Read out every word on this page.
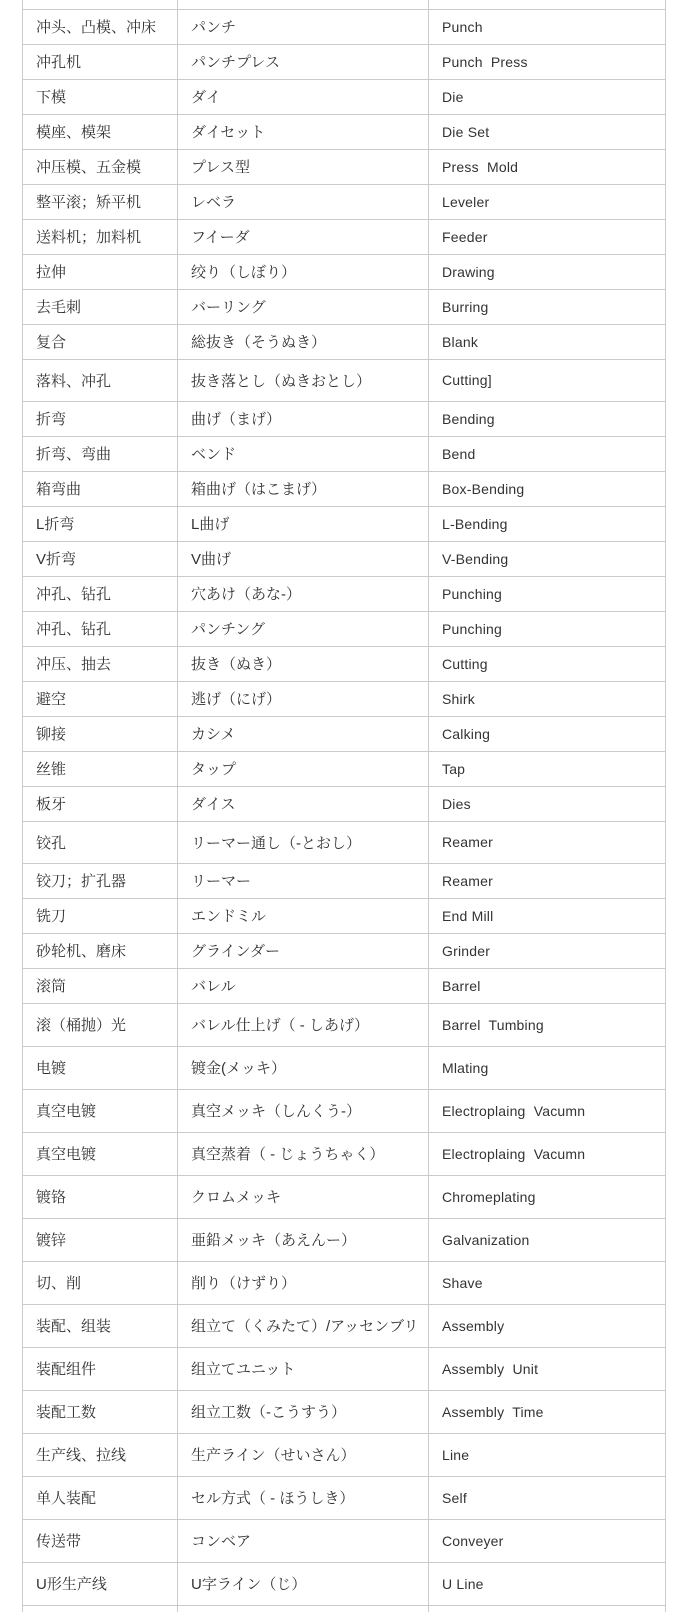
冲头、凸模、冲床	パンチ	Punch
冲孔机	パンチプレス	Punch  Press
下模	ダイ	Die
模座、模架	ダイセット	Die Set
冲压模、五金模	プレス型	Press  Mold
整平滚；矫平机	レベラ	Leveler
送料机；加料机	フイーダ	Feeder
拉伸	绞り（しぼり）	Drawing
去毛刺	バーリング	Burring
复合	総抜き（そうぬき）	Blank
落料、冲孔	抜き落とし（ぬきおとし）	Cutting]
折弯	曲げ（まげ）	Bending
折弯、弯曲	ベンド	Bend
箱弯曲	箱曲げ（はこまげ）	Box-Bending
L折弯	L曲げ	L-Bending
V折弯	V曲げ	V-Bending
冲孔、钻孔	穴あけ（あな-）	Punching
冲孔、钻孔	パンチング	Punching
冲压、抽去	抜き（ぬき）	Cutting
避空	逃げ（にげ）	Shirk
铆接	カシメ	Calking
丝锥	タップ	Tap
板牙	ダイス	Dies
铰孔	リーマー通し（-とおし）	Reamer
铰刀；扩孔器	リーマー	Reamer
铣刀	エンドミル	End Mill
砂轮机、磨床	グラインダー	Grinder
滚筒	バレル	Barrel
滚（桶抛）光	バレル仕上げ（ - しあげ）	Barrel  Tumbing
电镀	镀金(メッキ）	Mlating
真空电镀	真空メッキ（しんくう-）	Electroplaing  Vacumn
真空电镀	真空蒸着（ - じょうちゃく）	Electroplaing  Vacumn
镀铬	クロムメッキ	Chromeplating
镀锌	亜鉛メッキ（あえんー）	Galvanization
切、削	削り（けずり）	Shave
装配、组装	组立て（くみたて）/アッセンブリ	Assembly
装配组件	组立てユニット	Assembly  Unit
装配工数	组立工数（-こうすう）	Assembly  Time
生产线、拉线	生产ライン（せいさん）	Line
单人装配	セル方式（ - ほうしき）	Self
传送带	コンベア	Conveyer
U形生产线	U字ライン（じ）	U Line
